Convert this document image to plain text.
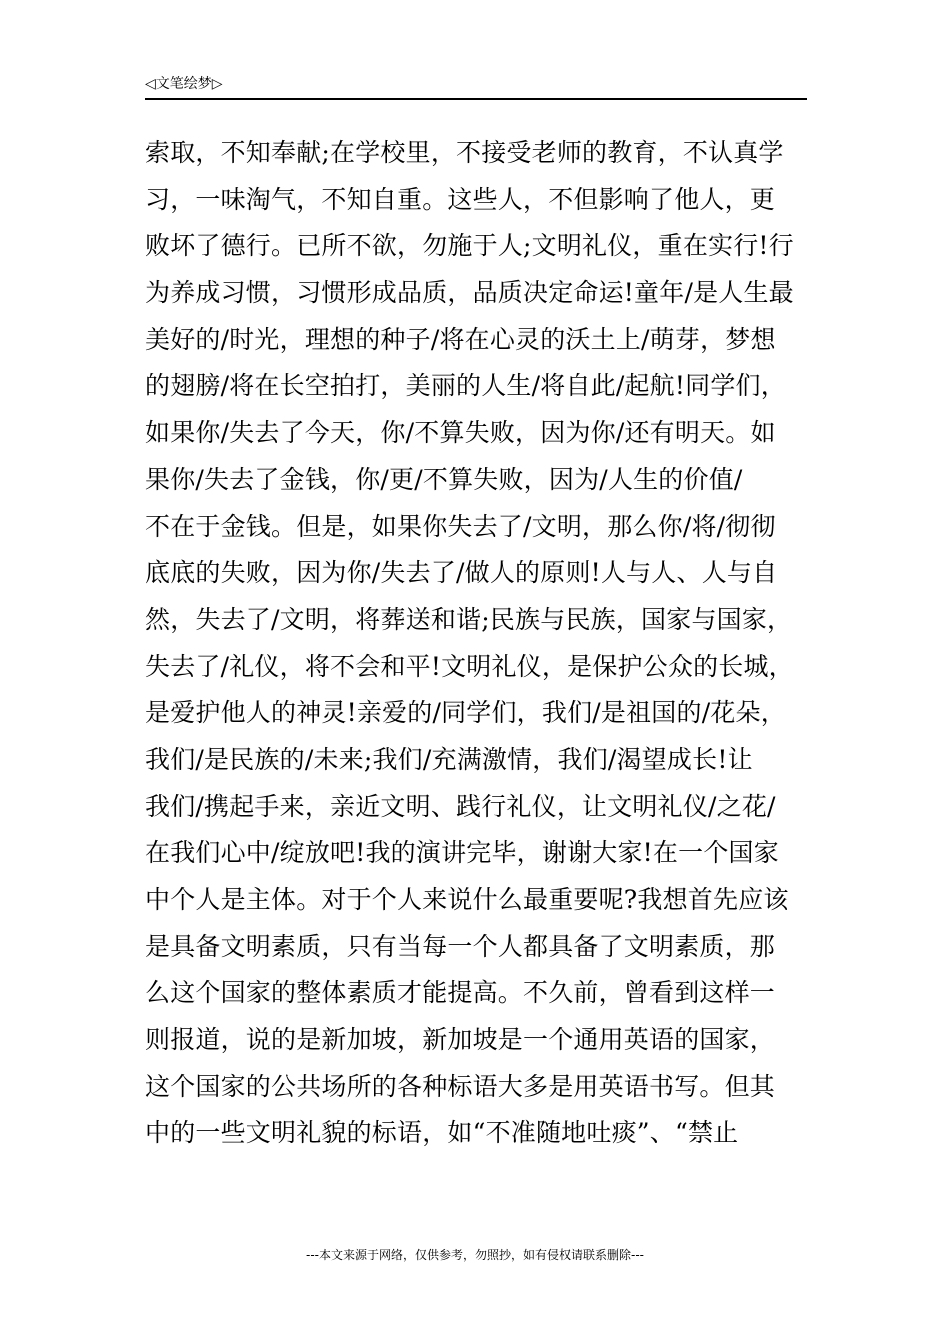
◁文笔绘梦▷
索取，不知奉献;在学校里，不接受老师的教育，不认真学
习，一味淘气，不知自重。这些人，不但影响了他人，更
败坏了德行。已所不欲，勿施于人;文明礼仪，重在实行!行
为养成习惯，习惯形成品质，品质决定命运!童年/是人生最
美好的/时光，理想的种子/将在心灵的沃土上/萌芽，梦想
的翅膀/将在长空拍打，美丽的人生/将自此/起航!同学们，
如果你/失去了今天，你/不算失败，因为你/还有明天。如
果你/失去了金钱，你/更/不算失败，因为/人生的价值/
不在于金钱。但是，如果你失去了/文明，那么你/将/彻彻
底底的失败，因为你/失去了/做人的原则!人与人、人与自
然，失去了/文明，将葬送和谐;民族与民族，国家与国家，
失去了/礼仪，将不会和平!文明礼仪，是保护公众的长城，
是爱护他人的神灵!亲爱的/同学们，我们/是祖国的/花朵，
我们/是民族的/未来;我们/充满激情，我们/渴望成长!让
我们/携起手来，亲近文明、践行礼仪，让文明礼仪/之花/
在我们心中/绽放吧!我的演讲完毕，谢谢大家!在一个国家
中个人是主体。对于个人来说什么最重要呢?我想首先应该
是具备文明素质，只有当每一个人都具备了文明素质，那
么这个国家的整体素质才能提高。不久前，曾看到这样一
则报道，说的是新加坡，新加坡是一个通用英语的国家，
这个国家的公共场所的各种标语大多是用英语书写。但其
中的一些文明礼貌的标语，如“不准随地吐痰”、“禁止
---本文来源于网络，仅供参考，勿照抄，如有侵权请联系删除---
